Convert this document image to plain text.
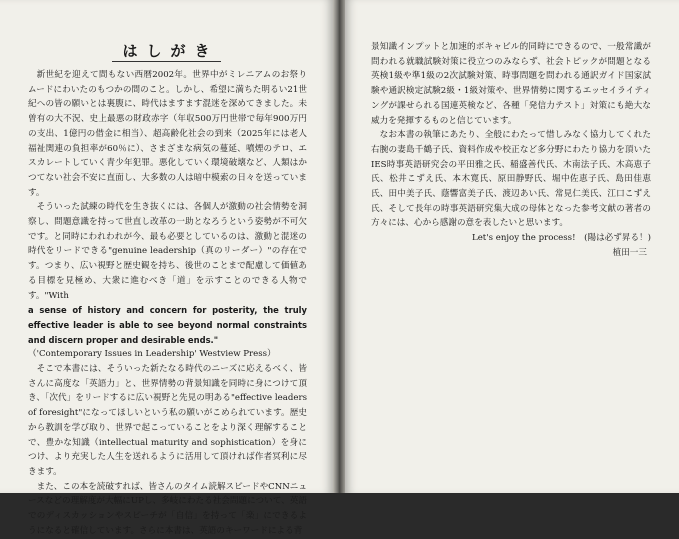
はしがき

新世紀を迎えて間もない西暦2002年。世界中がミレニアムのお祭りムードにわいたのもつかの間のこと。しかし、希望に満ちた明るい21世紀への皆の願いとは裏腹に、時代はますます混迷を深めてきました。未曽有の大不況、史上最悪の財政赤字（年収500万円世帯で毎年900万円の支出、1億円の借金に相当）、超高齢化社会の到来（2025年には老人福祉関連の負担率が60％に）、さまざまな病気の蔓延、噴煙のテロ、エスカレートしていく青少年犯罪。悪化していく環境破壊など、人類はかつてない社会不安に直面し、大多数の人は暗中模索の日々を送っています。

そういった試練の時代を生き抜くには、各個人が激動の社会情勢を洞察し、問題意識を持って世直し改革の一助となろうという姿勢が不可欠です。と同時にわれわれが今、最も必要としているのは、激動と混迷の時代をリードできる"genuine leadership（真のリーダー）"の存在です。つまり、広い視野と歴史観を持ち、後世のことまで配慮して価値ある目標を見極め、大衆に進むべき「道」を示すことのできる人物です。"With

a sense of history and concern for posterity, the truly effective leader is able to see beyond normal constraints and discern proper and desirable ends."

（'Contemporary Issues in Leadership' Westview Press）

そこで本書には、そういった新たなる時代のニーズに応えるべく、皆さんに高度な「英語力」と、世界情勢の背景知識を同時に身につけて頂き、「次代」をリードするに広い視野と先見の明ある"effective leaders of foresight"になってほしいという私の願いがこめられています。歴史から教訓を学び取り、世界で起こっていることをより深く理解することで、豊かな知識（intellectual maturity and sophistication）を身につけ、より充実した人生を送れるように活用して頂ければ作者冥利に尽きます。

また、この本を読破すれば、皆さんのタイム読解スピードやCNNニュースなどの理解度が大幅にUPし、多岐にわたる社会問題について、英語でのディスカッションやスピーチが「自信」を持って「楽」にできるようになると確信しています。さらに本書は、英語のキーワードによる背

景知識インプットと加速的ボキャビル的同時にできるので、一般常識が問われる就職試験対策に役立つのみならず、社会トピックが問題となる英検1級や準1級の2次試験対策、時事問題を問われる通訳ガイド国家試験や通訳検定試験2級・1級対策や、世界情勢に関するエッセイライティングが課せられる国連英検など、各種「発信力テスト」対策にも絶大な威力を発揮するものと信じています。

なお本書の執筆にあたり、全般にわたって惜しみなく協力してくれた右腕の妻島千鶴子氏、資料作成や校正など多分野にわたり協力を頂いたIES時事英語研究会の平田雅之氏、稲盛善代氏、木南法子氏、木高恵子氏、松井こずえ氏、本木寛氏、原田静野氏、堀中佐恵子氏、島田佳恵氏、田中美子氏、蔭響富美子氏、渡辺あい氏、常見仁美氏、江口こずえ氏、そして長年の時事英語研究集大成の母体となった参考文献の著者の方々には、心から感謝の意を表したいと思います。

Let's enjoy the process!　(陽は必ず昇る！)

植田一三
